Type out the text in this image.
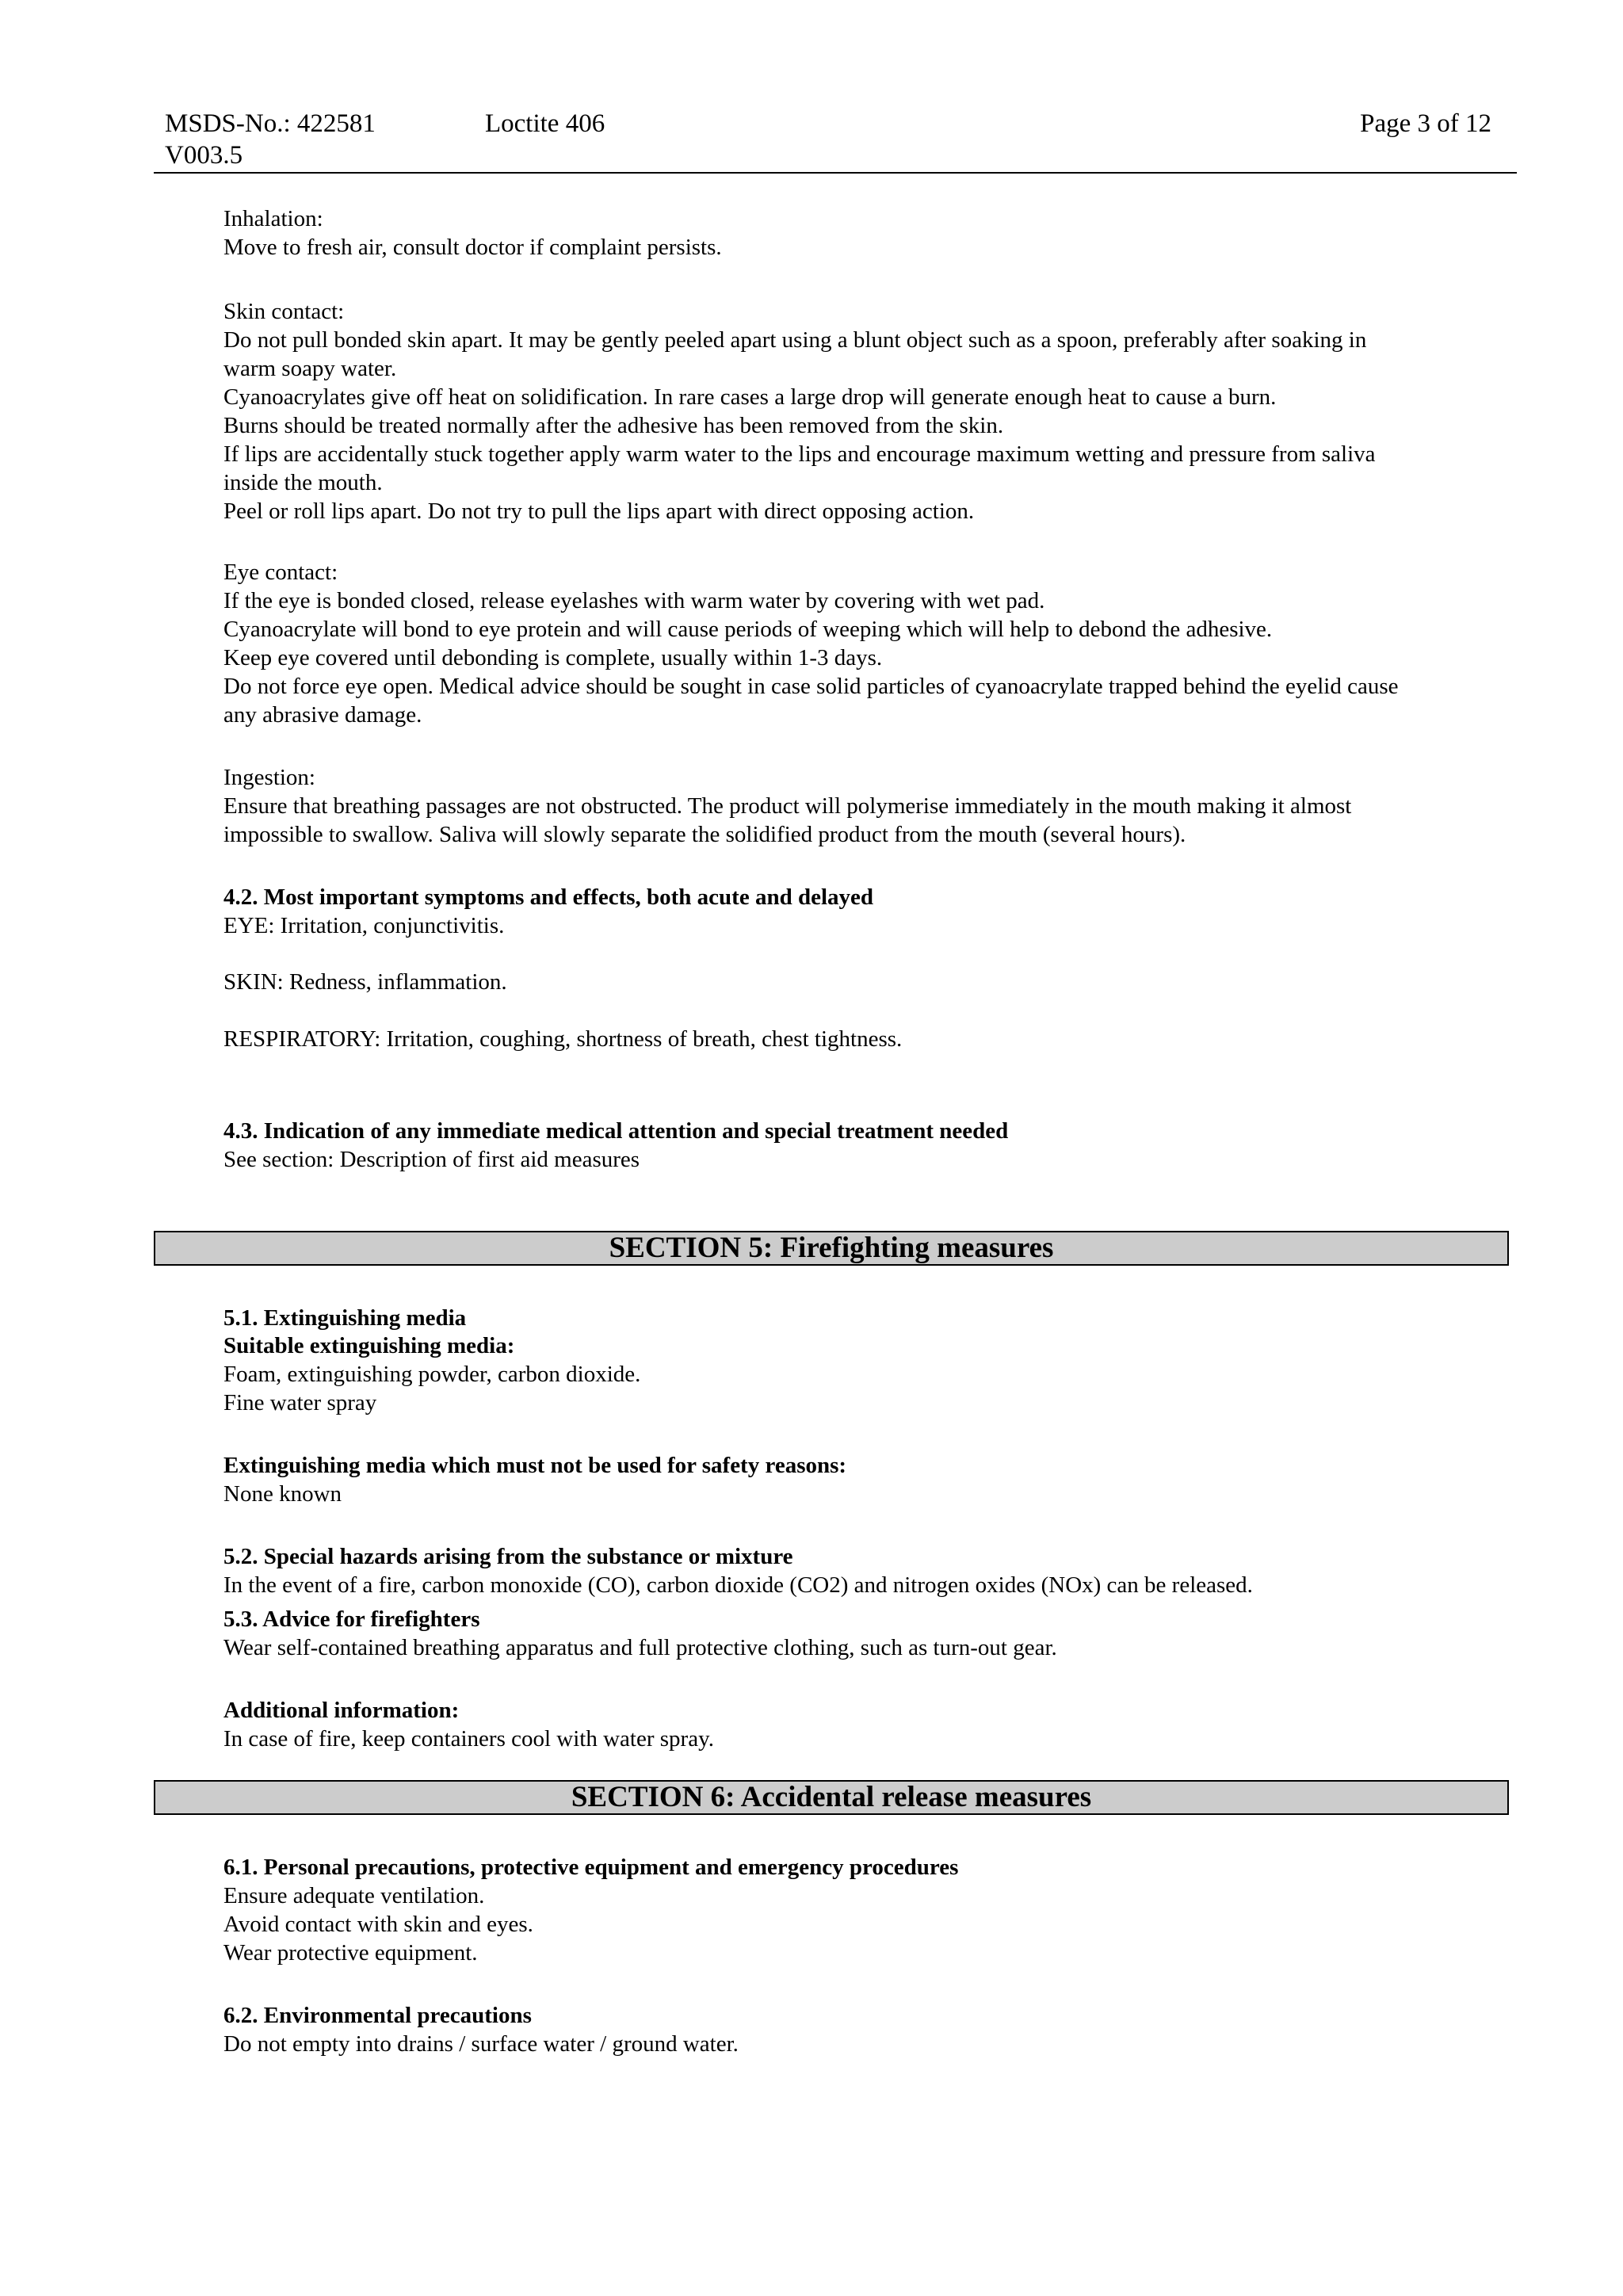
MSDS-No.: 422581
V003.5
Loctite 406	Page 3 of 12
Inhalation:
Move to fresh air, consult doctor if complaint persists.
Skin contact:
Do not pull bonded skin apart. It may be gently peeled apart using a blunt object such as a spoon, preferably after soaking in
warm soapy water.
Cyanoacrylates give off heat on solidification. In rare cases a large drop will generate enough heat to cause a burn.
Burns should be treated normally after the adhesive has been removed from the skin.
If lips are accidentally stuck together apply warm water to the lips and encourage maximum wetting and pressure from saliva
inside the mouth.
Peel or roll lips apart. Do not try to pull the lips apart with direct opposing action.
Eye contact:
If the eye is bonded closed, release eyelashes with warm water by covering with wet pad.
Cyanoacrylate will bond to eye protein and will cause periods of weeping which will help to debond the adhesive.
Keep eye covered until debonding is complete, usually within 1-3 days.
Do not force eye open. Medical advice should be sought in case solid particles of cyanoacrylate trapped behind the eyelid cause
any abrasive damage.
Ingestion:
Ensure that breathing passages are not obstructed. The product will polymerise immediately in the mouth making it almost
impossible to swallow. Saliva will slowly separate the solidified product from the mouth (several hours).
4.2. Most important symptoms and effects, both acute and delayed
EYE: Irritation, conjunctivitis.
SKIN: Redness, inflammation.
RESPIRATORY: Irritation, coughing, shortness of breath, chest tightness.
4.3. Indication of any immediate medical attention and special treatment needed
See section: Description of first aid measures
SECTION 5: Firefighting measures
5.1. Extinguishing media
Suitable extinguishing media:
Foam, extinguishing powder, carbon dioxide.
Fine water spray
Extinguishing media which must not be used for safety reasons:
None known
5.2. Special hazards arising from the substance or mixture
In the event of a fire, carbon monoxide (CO), carbon dioxide (CO2) and nitrogen oxides (NOx) can be released.
5.3. Advice for firefighters
Wear self-contained breathing apparatus and full protective clothing, such as turn-out gear.
Additional information:
In case of fire, keep containers cool with water spray.
SECTION 6: Accidental release measures
6.1. Personal precautions, protective equipment and emergency procedures
Ensure adequate ventilation.
Avoid contact with skin and eyes.
Wear protective equipment.
6.2. Environmental precautions
Do not empty into drains / surface water / ground water.
